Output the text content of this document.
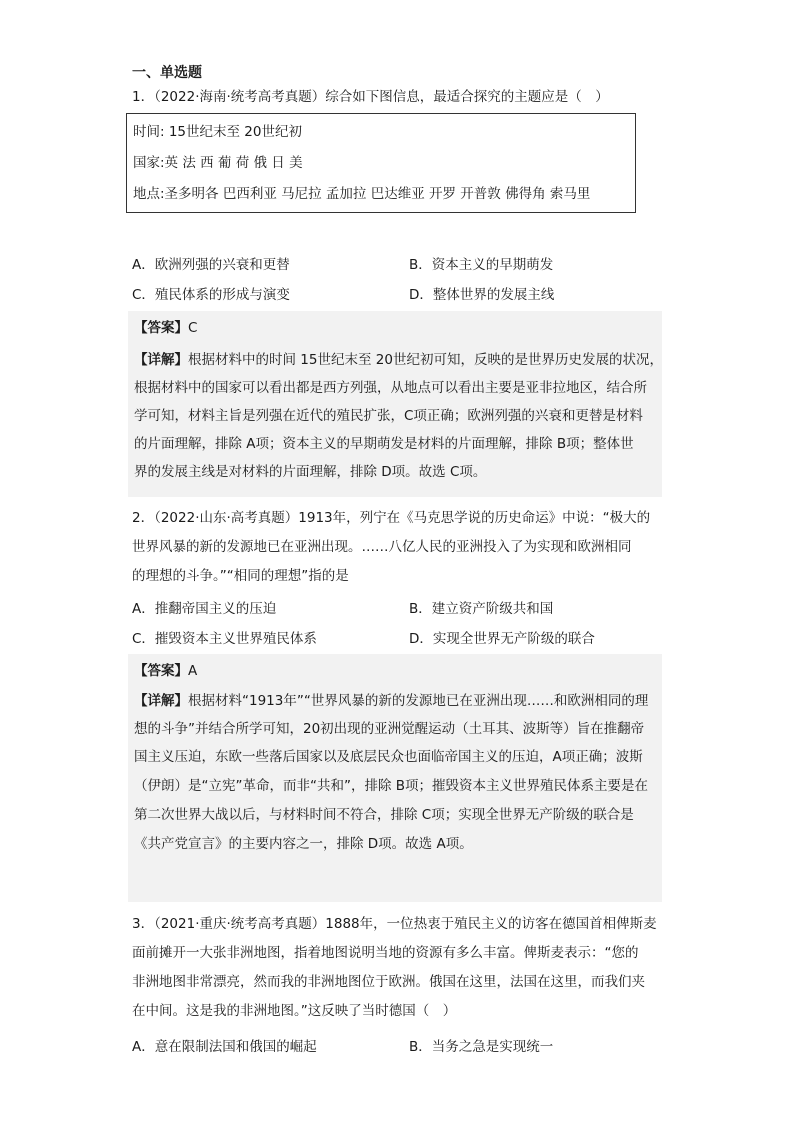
一、单选题
1．（2022·海南·统考高考真题）综合如下图信息，最适合探究的主题应是（　）
时间: 15世纪末至 20世纪初
国家:英 法 西 葡 荷 俄 日 美
地点:圣多明各 巴西利亚 马尼拉 孟加拉 巴达维亚 开罗 开普敦 佛得角 索马里
A．欧洲列强的兴衰和更替	B．资本主义的早期萌发
C．殖民体系的形成与演变	D．整体世界的发展主线
【答案】C
【详解】根据材料中的时间 15世纪末至 20世纪初可知，反映的是世界历史发展的状况，
根据材料中的国家可以看出都是西方列强，从地点可以看出主要是亚非拉地区，结合所
学可知，材料主旨是列强在近代的殖民扩张，C项正确；欧洲列强的兴衰和更替是材料
的片面理解，排除 A项；资本主义的早期萌发是材料的片面理解，排除 B项；整体世
界的发展主线是对材料的片面理解，排除 D项。故选 C项。
2．（2022·山东·高考真题）1913年，列宁在《马克思学说的历史命运》中说：“极大的
世界风暴的新的发源地已在亚洲出现。……八亿人民的亚洲投入了为实现和欧洲相同
的理想的斗争。”“相同的理想”指的是
A．推翻帝国主义的压迫	B．建立资产阶级共和国
C．摧毁资本主义世界殖民体系	D．实现全世界无产阶级的联合
【答案】A
【详解】根据材料“1913年”“世界风暴的新的发源地已在亚洲出现……和欧洲相同的理
想的斗争”并结合所学可知，20初出现的亚洲觉醒运动（土耳其、波斯等）旨在推翻帝
国主义压迫，东欧一些落后国家以及底层民众也面临帝国主义的压迫，A项正确；波斯
（伊朗）是“立宪”革命，而非“共和”，排除 B项；摧毁资本主义世界殖民体系主要是在
第二次世界大战以后，与材料时间不符合，排除 C项；实现全世界无产阶级的联合是
《共产党宣言》的主要内容之一，排除 D项。故选 A项。
3．（2021·重庆·统考高考真题）1888年，一位热衷于殖民主义的访客在德国首相俾斯麦
面前摊开一大张非洲地图，指着地图说明当地的资源有多么丰富。俾斯麦表示：“您的
非洲地图非常漂亮，然而我的非洲地图位于欧洲。俄国在这里，法国在这里，而我们夹
在中间。这是我的非洲地图。”这反映了当时德国（　）
A．意在限制法国和俄国的崛起	B．当务之急是实现统一
